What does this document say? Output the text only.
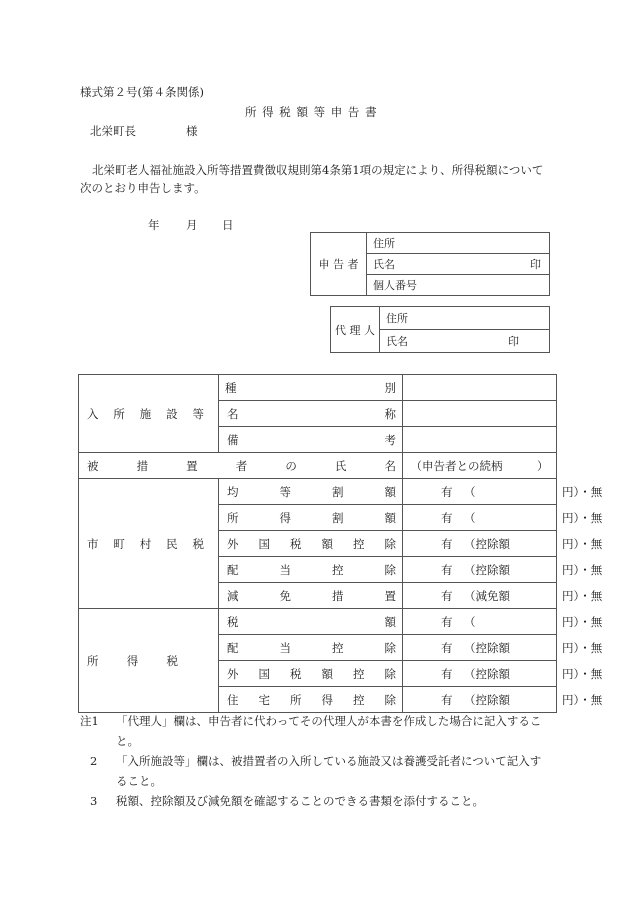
様式第２号(第４条関係)
所 得 税 額 等 申 告 書
北栄町長	様
北栄町老人福祉施設入所等措置費徴収規則第4条第1項の規定により、所得税額について
次のとおり申告します。
年 月 日
申 告 者	住所
氏名	印

個人番号
代 理 人	住所
氏名	印
入所施設等	種別	
	名称	
	備考	
被措置者の氏名		（申告者との続柄　　　）
市町村民税	均等割額	有 （ 円）・無
	所得割額	有 （ 円）・無
	外国税額控除	有 （控除額 円）・無
	配当控除	有 （控除額 円）・無
	減免措置	有 （減免額 円）・無
所得税	税額	有 （ 円）・無
	配当控除	有 （控除額 円）・無
	外国税額控除	有 （控除額 円）・無
	住宅所得控除	有 （控除額 円）・無
注1 「代理人」欄は、申告者に代わってその代理人が本書を作成した場合に記入すること。
2 「入所施設等」欄は、被措置者の入所している施設又は養護受託者について記入すること。
3 税額、控除額及び減免額を確認することのできる書類を添付すること。
